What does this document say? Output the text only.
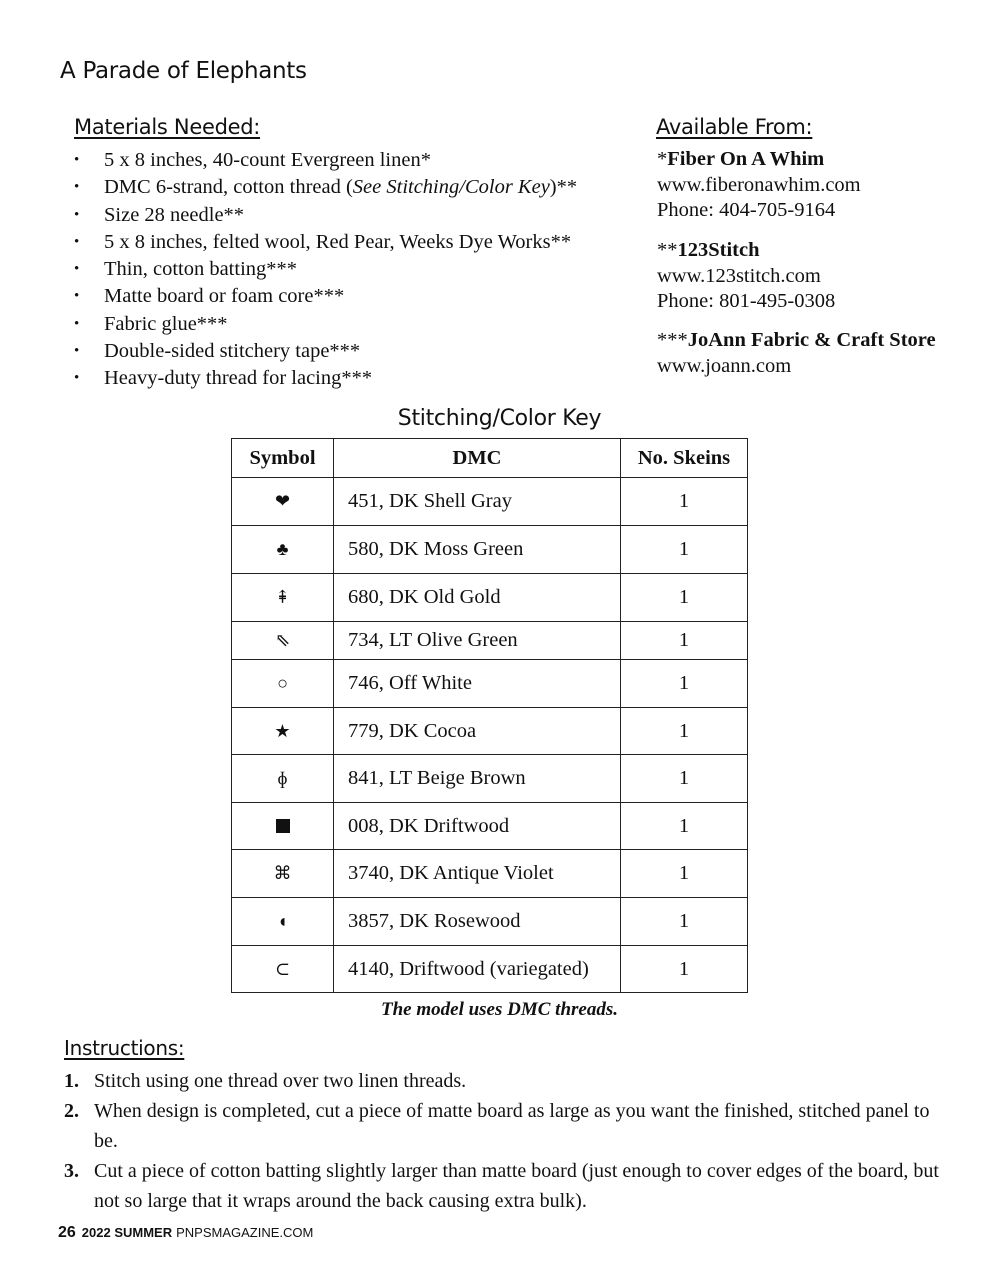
A Parade of Elephants
Materials Needed:
• 5 x 8 inches, 40-count Evergreen linen*
• DMC 6-strand, cotton thread (See Stitching/Color Key)**
• Size 28 needle**
• 5 x 8 inches, felted wool, Red Pear, Weeks Dye Works**
• Thin, cotton batting***
• Matte board or foam core***
• Fabric glue***
• Double-sided stitchery tape***
• Heavy-duty thread for lacing***
Available From:
*Fiber On A Whim
www.fiberonawhim.com
Phone: 404-705-9164
**123Stitch
www.123stitch.com
Phone: 801-495-0308
***JoAnn Fabric & Craft Store
www.joann.com
Stitching/Color Key
Symbol	DMC	No. Skeins
❤	451, DK Shell Gray	1
♣	580, DK Moss Green	1
⇞	680, DK Old Gold	1
⇖	734, LT Olive Green	1
○	746, Off White	1
★	779, DK Cocoa	1
ɸ	841, LT Beige Brown	1
	008, DK Driftwood	1
⌘	3740, DK Antique Violet	1
◖	3857, DK Rosewood	1
⊂	4140, Driftwood (variegated)	1
The model uses DMC threads.
Instructions:
1. Stitch using one thread over two linen threads.
2. When design is completed, cut a piece of matte board as large as you want the finished, stitched panel to be.
3. Cut a piece of cotton batting slightly larger than matte board (just enough to cover edges of the board, but not so large that it wraps around the back causing extra bulk).
26 2022 SUMMER PNPSMAGAZINE.COM
